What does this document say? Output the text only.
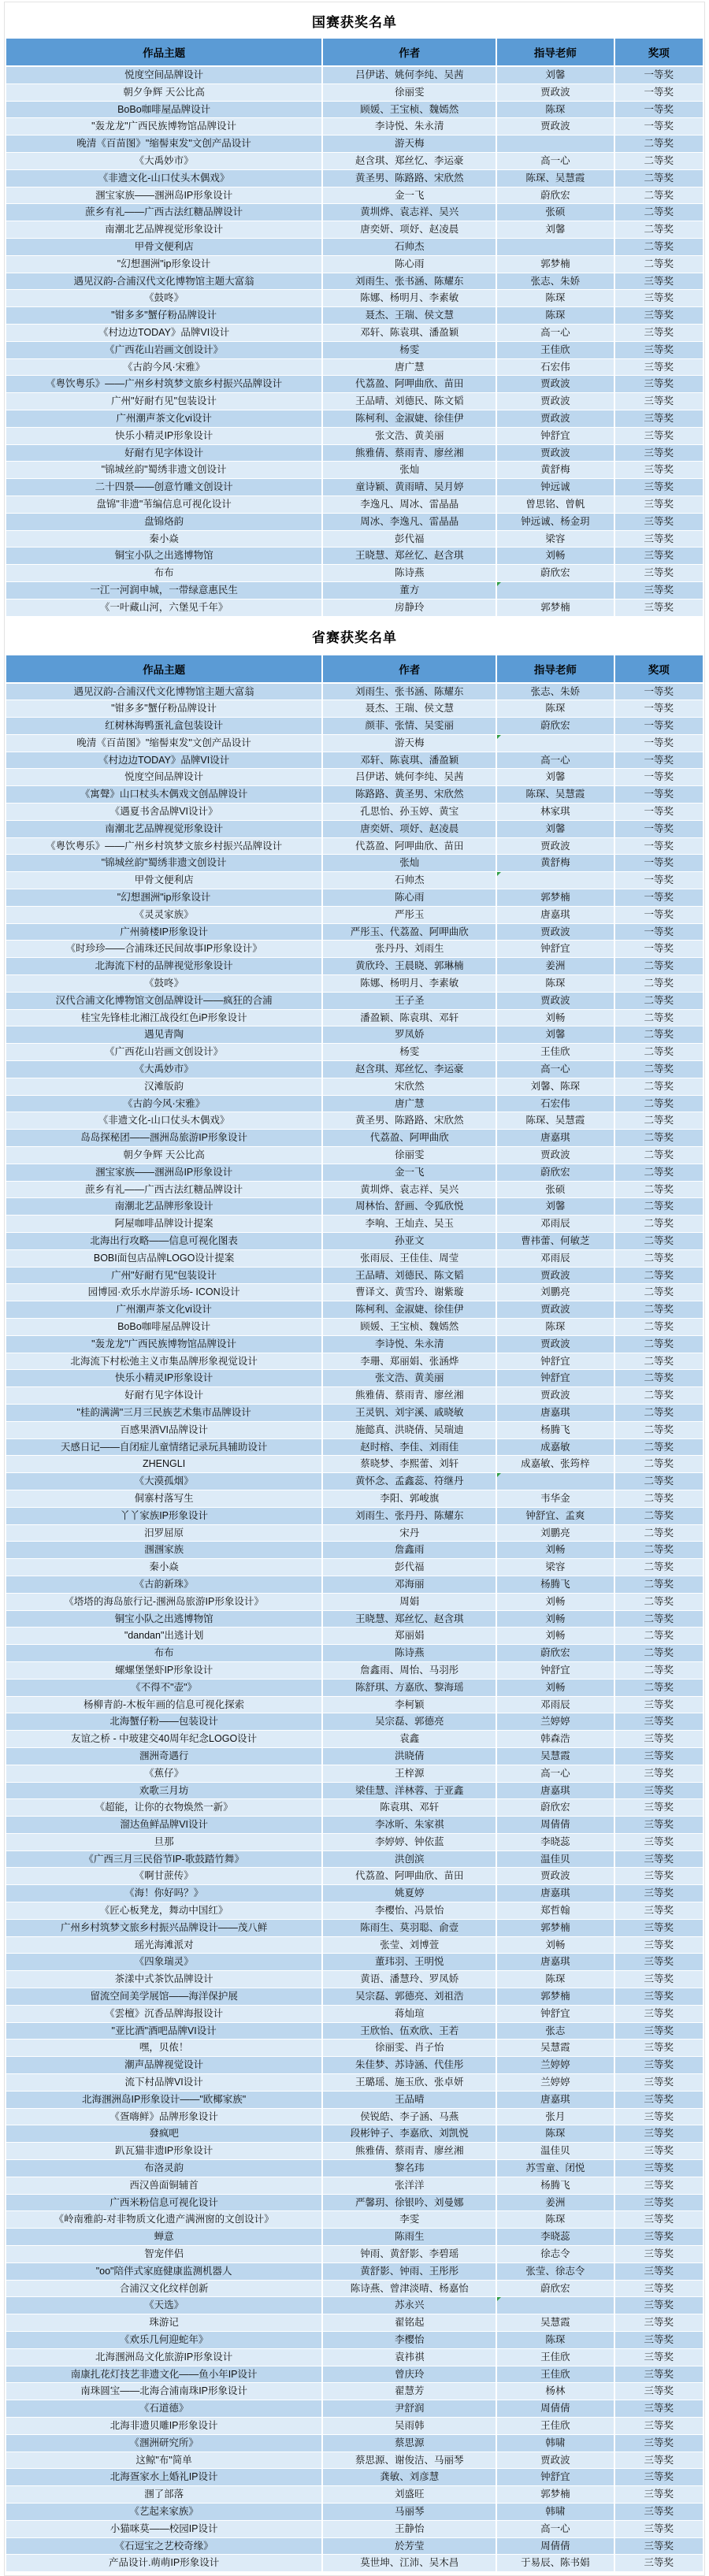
国赛获奖名单
作品主题	作者	指导老师	奖项
悦度空间品牌设计	吕伊诺、姚何李纯、吴茜	刘馨	一等奖
朝夕争辉 天公比高	徐丽雯	贾政波	一等奖
BoBo咖啡屋品牌设计	顾媛、王宝桢、魏嫣然	陈琛	一等奖
"轰龙龙"广西民族博物馆品牌设计	李诗悦、朱永清	贾政波	一等奖
晚清《百苗图》"缩髻束发"文创产品设计	游天梅		二等奖
《大禹妙市》	赵含琪、郑丝忆、李运豪	高一心	二等奖
《非遗文化-山口仗头木偶戏》	黄圣男、陈路路、宋欣然	陈琛、吴慧霞	二等奖
涠宝家族——涠洲岛IP形象设计	金一飞	蔚欣宏	二等奖
蔗乡有礼——广西古法红糖品牌设计	黄圳烨、袁志祥、吴兴	张硕	二等奖
南潮北艺品牌视觉形象设计	唐奕妍、项妤、赵凌晨	刘馨	二等奖
甲骨文便利店	石帅杰		二等奖
"幻想涠洲"ip形象设计	陈心雨	郭梦楠	二等奖
遇见汉韵-合浦汉代文化博物馆主题大富翁	刘雨生、张书涵、陈耀东	张志、朱娇	三等奖
《鼓咚》	陈娜、杨明月、李素敏	陈琛	三等奖
"钳多多"蟹仔粉品牌设计	聂杰、王瑞、侯文慧	陈琛	三等奖
《村边边TODAY》品牌VI设计	邓轩、陈袁琪、潘盈颖	高一心	三等奖
《广西花山岩画文创设计》	杨雯	王佳欣	三等奖
《古韵今风·宋雅》	唐广慧	石宏伟	三等奖
《粤饮粤乐》——广州乡村筑梦文旅乡村振兴品牌设计	代荔盈、阿呷曲欣、苗田	贾政波	三等奖
广州"好耐冇见"包装设计	王品晴、刘德民、陈文韬	贾政波	三等奖
广州潮声茶文化vi设计	陈柯利、金淑婕、徐佳伊	贾政波	三等奖
快乐小精灵IP形象设计	张文浩、黄美丽	钟舒宜	三等奖
好耐冇见字体设计	熊雅倩、蔡雨青、廖丝湘	贾政波	三等奖
"锦城丝韵"蜀绣非遗文创设计	张灿	黄舒梅	三等奖
二十四景——创意竹雕文创设计	童诗颖、黄雨晴、吴月婷	钟远诚	三等奖
盘锦"非遗"苇编信息可视化设计	李逸凡、周冰、雷晶晶	曾思铭、曾帆	三等奖
盘锦烙韵	周冰、李逸凡、雷晶晶	钟远诚、杨金玥	三等奖
秦小焱	彭代福	梁容	三等奖
铜宝小队之出逃博物馆	王晓慧、郑丝忆、赵含琪	刘畅	三等奖
布布	陈诗燕	蔚欣宏	三等奖
一江一河润申城，一带绿意惠民生	董方		三等奖
《一叶藏山河，六堡见千年》	房静玲	郭梦楠	三等奖
省赛获奖名单
作品主题	作者	指导老师	奖项
遇见汉韵-合浦汉代文化博物馆主题大富翁	刘雨生、张书涵、陈耀东	张志、朱娇	一等奖
"钳多多"蟹仔粉品牌设计	聂杰、王瑞、侯文慧	陈琛	一等奖
红树林海鸭蛋礼盒包装设计	颜菲、张情、吴雯丽	蔚欣宏	一等奖
晚清《百苗图》"缩髻束发"文创产品设计	游天梅		一等奖
《村边边TODAY》品牌VI设计	邓轩、陈袁琪、潘盈颖	高一心	一等奖
悦度空间品牌设计	吕伊诺、姚何李纯、吴茜	刘馨	一等奖
《寓聲》山口杖头木偶戏文创品牌设计	陈路路、黄圣男、宋欣然	陈琛、吴慧霞	一等奖
《遇夏书舍品牌VI设计》	孔思怡、孙玉婷、黄宝	林家琪	一等奖
南潮北艺品牌视觉形象设计	唐奕妍、项妤、赵凌晨	刘馨	一等奖
《粤饮粤乐》——广州乡村筑梦文旅乡村振兴品牌设计	代荔盈、阿呷曲欣、苗田	贾政波	一等奖
"锦城丝韵"蜀绣非遗文创设计	张灿	黄舒梅	一等奖
甲骨文便利店	石帅杰		一等奖
"幻想涠洲"ip形象设计	陈心雨	郭梦楠	一等奖
《灵灵家族》	严彤玉	唐嘉琪	一等奖
广州骑楼IP形象设计	严彤玉、代荔盈、阿呷曲欣	贾政波	一等奖
《时珍珍——合浦珠还民间故事IP形象设计》	张丹丹、刘雨生	钟舒宜	一等奖
北海流下村的品牌视觉形象设计	黄欣玲、王晨晓、郭琳楠	姜洲	二等奖
《鼓咚》	陈娜、杨明月、李素敏	陈琛	二等奖
汉代合浦文化博物馆文创品牌设计——疯狂的合浦	王子圣	贾政波	二等奖
桂宝先锋桂北湘江战役红色iP形象设计	潘盈颖、陈袁琪、邓轩	刘畅	二等奖
遇见青陶	罗凤娇	刘馨	二等奖
《广西花山岩画文创设计》	杨雯	王佳欣	二等奖
《大禹妙市》	赵含琪、郑丝忆、李运豪	高一心	二等奖
汉滩版韵	宋欣然	刘馨、陈琛	二等奖
《古韵今风·宋雅》	唐广慧	石宏伟	二等奖
《非遗文化-山口仗头木偶戏》	黄圣男、陈路路、宋欣然	陈琛、吴慧霞	二等奖
岛岛探秘团——涠洲岛旅游IP形象设计	代荔盈、阿呷曲欣	唐嘉琪	二等奖
朝夕争辉 天公比高	徐丽雯	贾政波	二等奖
涠宝家族——涠洲岛IP形象设计	金一飞	蔚欣宏	二等奖
蔗乡有礼——广西古法红糖品牌设计	黄圳烨、袁志祥、吴兴	张硕	二等奖
南潮北艺品牌形象设计	周林怡、舒画、令狐欣悦	刘馨	二等奖
阿屋咖啡品牌设计提案	李响、王灿垚、吴玉	邓雨辰	二等奖
北海出行攻略——信息可视化图表	孙亚文	曹祎蕾、何敏芝	二等奖
BOBI面包店品牌LOGO设计提案	张雨辰、王佳佳、周莹	邓雨辰	二等奖
广州"好耐冇见"包装设计	王品晴、刘德民、陈文韬	贾政波	二等奖
园博园·欢乐水岸游乐场- ICON设计	曹译文、黄雪玲、谢紫璇	刘鹏亮	二等奖
广州潮声茶文化vi设计	陈柯利、金淑婕、徐佳伊	贾政波	二等奖
BoBo咖啡屋品牌设计	顾媛、王宝桢、魏嫣然	陈琛	二等奖
"轰龙龙"广西民族博物馆品牌设计	李诗悦、朱永清	贾政波	二等奖
北海流下村松弛主义市集品牌形象视觉设计	李珊、郑丽娟、张涵烨	钟舒宜	二等奖
快乐小精灵IP形象设计	张文浩、黄美丽	钟舒宜	二等奖
好耐冇见字体设计	熊雅倩、蔡雨青、廖丝湘	贾政波	二等奖
"桂韵满满"三月三民族艺术集市品牌设计	王灵钒、刘宇溪、戚晓敏	唐嘉琪	二等奖
百感果酒VI品牌设计	施懿真、洪晓倩、吴瑞迪	杨腾飞	二等奖
天感日记——自闭症儿童情绪记录玩具辅助设计	赵时榕、李佳、刘雨佳	成嘉敏	二等奖
ZHENGLI	蔡晓梦、李熙蕾、刘轩	成嘉敏、张筠梓	二等奖
《大漠孤烟》	黄怀念、孟鑫蕊、符继丹		二等奖
侗寨村落写生	李阳、郭峻旗	韦华金	二等奖
丫丫家族IP形象设计	刘雨生、张丹丹、陈耀东	钟舒宜、孟爽	二等奖
汨罗屈原	宋丹	刘鹏亮	二等奖
涠涠家族	詹鑫雨	刘畅	二等奖
秦小焱	彭代福	梁容	二等奖
《古韵新珠》	邓海丽	杨腾飞	二等奖
《塔塔的海岛旅行记-涠洲岛旅游IP形象设计》	周娟	刘畅	二等奖
铜宝小队之出逃博物馆	王晓慧、郑丝忆、赵含琪	刘畅	二等奖
"dandan"出逃计划	郑丽娟	刘畅	二等奖
布布	陈诗燕	蔚欣宏	二等奖
螺螺堡堡虾IP形象设计	詹鑫雨、周怡、马羽彤	钟舒宜	二等奖
《不得不"壶"》	陈舒琪、方嘉欣、黎海瑶	刘畅	二等奖
杨柳青韵-木板年画的信息可视化探索	李柯颖	邓雨辰	三等奖
北海蟹仔粉——包装设计	吴宗磊、郭德亮	兰婷婷	三等奖
友谊之桥 - 中玻建交40周年纪念LOGO设计	袁鑫	韩森浩	三等奖
涠洲奇遇行	洪晓倩	吴慧霞	三等奖
《蕉仔》	王梓源	高一心	三等奖
欢歌三月坊	梁佳慧、洋林蓉、于亚鑫	唐嘉琪	三等奖
《超能，让你的衣物焕然一新》	陈袁琪、邓轩	蔚欣宏	三等奖
溜达鱼鲜品牌VI设计	李冰昕、朱家祺	周倩倩	三等奖
旦那	李婷婷、钟依蓝	李晓蕊	三等奖
《广西三月三民俗节IP-歌鼓踏竹舞》	洪创滨	温佳贝	三等奖
《啊甘蔗传》	代荔盈、阿呷曲欣、苗田	贾政波	三等奖
《海！你好吗？》	姚夏婷	唐嘉琪	三等奖
《匠心板凳龙，舞动中国红》	李樱怡、冯景怡	郑哲翰	三等奖
广州乡村筑梦文旅乡村振兴品牌设计——茂八鲜	陈雨生、莫羽聪、俞壹	郭梦楠	三等奖
瑶光海滩派对	张莹、刘博萱	刘畅	三等奖
《四象瑞灵》	董玮羽、王明悦	唐嘉琪	三等奖
茶漾中式茶饮品牌设计	黄语、潘慧玲、罗凤娇	陈琛	三等奖
留流空间美学展馆——海洋保护展	吴宗磊、郭德亮、刘祖浩	郭梦楠	三等奖
《雲檀》沉香品牌海报设计	蒋灿瑄	钟舒宜	三等奖
"亚比酒"酒吧品牌VI设计	王欣怡、伍欢欣、王若	张志	三等奖
嘿，贝侬！	徐丽雯、肖子怡	吴慧霞	三等奖
潮声品牌视觉设计	朱佳梦、苏诗涵、代佳彤	兰婷婷	三等奖
流下村品牌VI设计	王璐瑶、施玉欣、张卓妍	兰婷婷	三等奖
北海涠洲岛IP形象设计——"欧椰家族"	王品晴	唐嘉琪	三等奖
《疍嗨鲜》品牌形象设计	侯锐皓、李子涵、马燕	张月	三等奖
發疯吧	段彬钟子、李嘉欣、刘凯悦	陈琛	三等奖
趴瓦猫非遗IP形象设计	熊雅倩、蔡雨青、廖丝湘	温佳贝	三等奖
布洛灵韵	黎名玮	苏雪童、闭悦	三等奖
西汉兽面铜辅首	张洋洋	杨腾飞	三等奖
广西米粉信息可视化设计	严馨玥、徐银吟、刘曼娜	姜洲	三等奖
《岭南雅韵-对非物质文化遗产满洲窗的文创设计》	李雯	陈琛	三等奖
蝉意	陈雨生	李晓蕊	三等奖
智宠伴侣	钟雨、黄舒影、李碧瑶	徐志令	三等奖
"oo"陪伴式家庭健康监测机器人	黄舒影、钟雨、王彤彤	张莹、徐志令	三等奖
合浦汉文化纹样创新	陈诗燕、曾津淡晴、杨嘉怡	蔚欣宏	三等奖
《天选》	苏永兴		三等奖
珠游记	翟铭起	吴慧霞	三等奖
《欢乐几何迎蛇年》	李樱怡	陈琛	三等奖
北海涠洲岛文化旅游IP形象设计	袁祎祺	王佳欣	三等奖
南康扎花灯技艺非遗文化——鱼小年IP设计	曾庆玲	王佳欣	三等奖
南珠圆宝——北海合浦南珠IP形象设计	翟慧芳	杨林	三等奖
《石道德》	尹舒润	周倩倩	三等奖
北海非遗贝雕IP形象设计	吴雨韩	王佳欣	三等奖
《涠洲研究所》	蔡思源	韩啸	三等奖
这鲸"布"简单	蔡思源、谢俊洁、马丽琴	贾政波	三等奖
北海疍家水上婚礼IP设计	龚敏、刘彦慧	钟舒宜	三等奖
涠了部落	刘盛旺	郭梦楠	三等奖
《艺起来家族》	马丽琴	韩啸	三等奖
小猫咪莫——校园IP设计	王静怡	高一心	三等奖
《石逗宝之艺校奇缘》	於芳莹	周倩倩	三等奖
产品设计.萌萌IP形象设计	莫世坤、江沛、吴木昌	于易辰、陈书娟	三等奖
